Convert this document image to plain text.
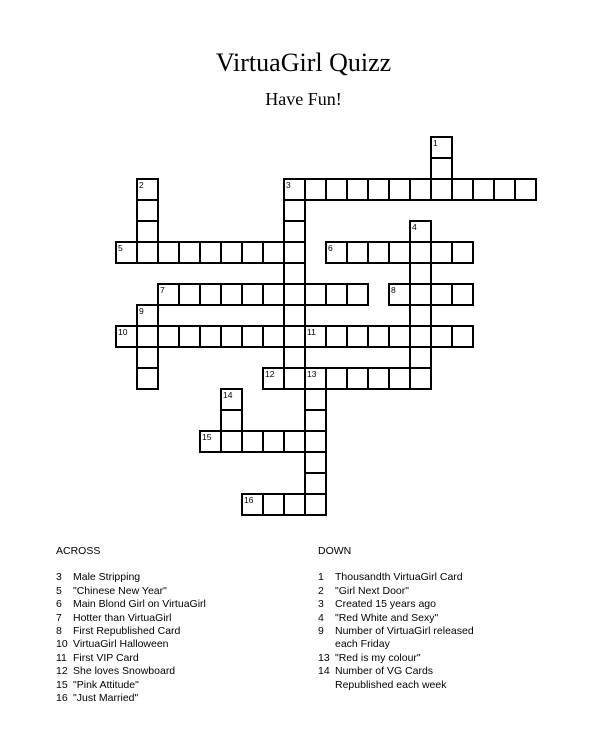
VirtuaGirl Quizz
Have Fun!
1
2	3
4
5	6
7	8
9
10	11
12	13
14
15
16
ACROSS
3	Male Stripping
5	"Chinese New Year"
6	Main Blond Girl on VirtuaGirl
7	Hotter than VirtuaGirl
8	First Republished Card
10 VirtuaGirl Halloween
11 First VIP Card
12 She loves Snowboard
15 "Pink Attitude"
16 "Just Married"
DOWN
1	Thousandth VirtuaGirl Card
2	"Girl Next Door"
3	Created 15 years ago
4	"Red White and Sexy"
9	Number of VirtuaGirl released
each Friday
13 "Red is my colour"
14 Number of VG Cards
Republished each week
